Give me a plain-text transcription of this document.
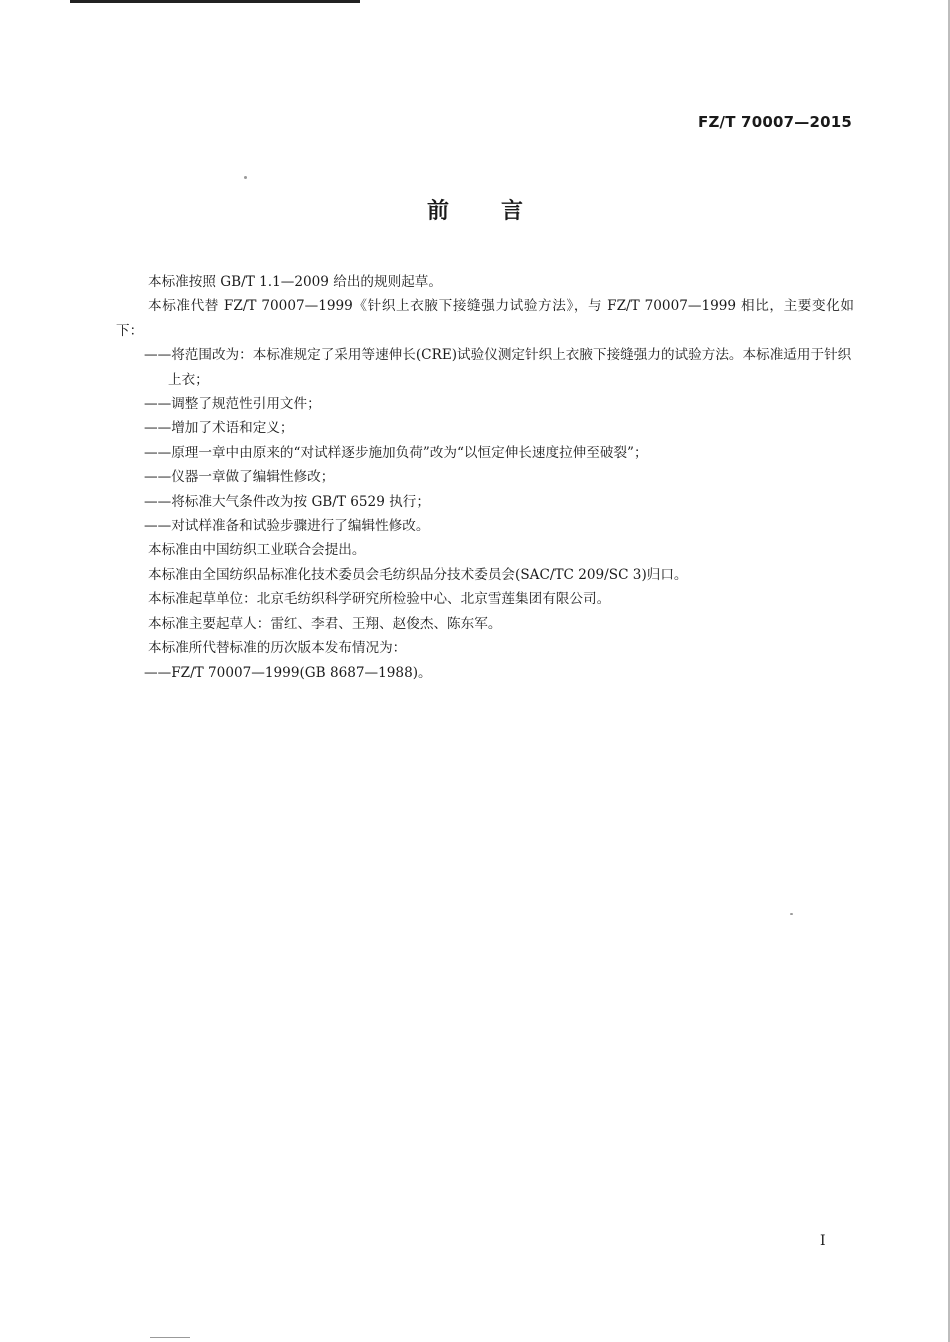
FZ/T 70007—2015
前 言

本标准按照 GB/T 1.1—2009 给出的规则起草。

本标准代替 FZ/T 70007—1999《针织上衣腋下接缝强力试验方法》，与 FZ/T 70007—1999 相比，主要变化如下：

——将范围改为：本标准规定了采用等速伸长(CRE)试验仪测定针织上衣腋下接缝强力的试验方法。本标准适用于针织上衣；

——调整了规范性引用文件；

——增加了术语和定义；

——原理一章中由原来的“对试样逐步施加负荷”改为“以恒定伸长速度拉伸至破裂”；

——仪器一章做了编辑性修改；

——将标准大气条件改为按 GB/T 6529 执行；

——对试样准备和试验步骤进行了编辑性修改。

本标准由中国纺织工业联合会提出。

本标准由全国纺织品标准化技术委员会毛纺织品分技术委员会(SAC/TC 209/SC 3)归口。

本标准起草单位：北京毛纺织科学研究所检验中心、北京雪莲集团有限公司。

本标准主要起草人：雷红、李君、王翔、赵俊杰、陈东军。

本标准所代替标准的历次版本发布情况为：

——FZ/T 70007—1999(GB 8687—1988)。

I
